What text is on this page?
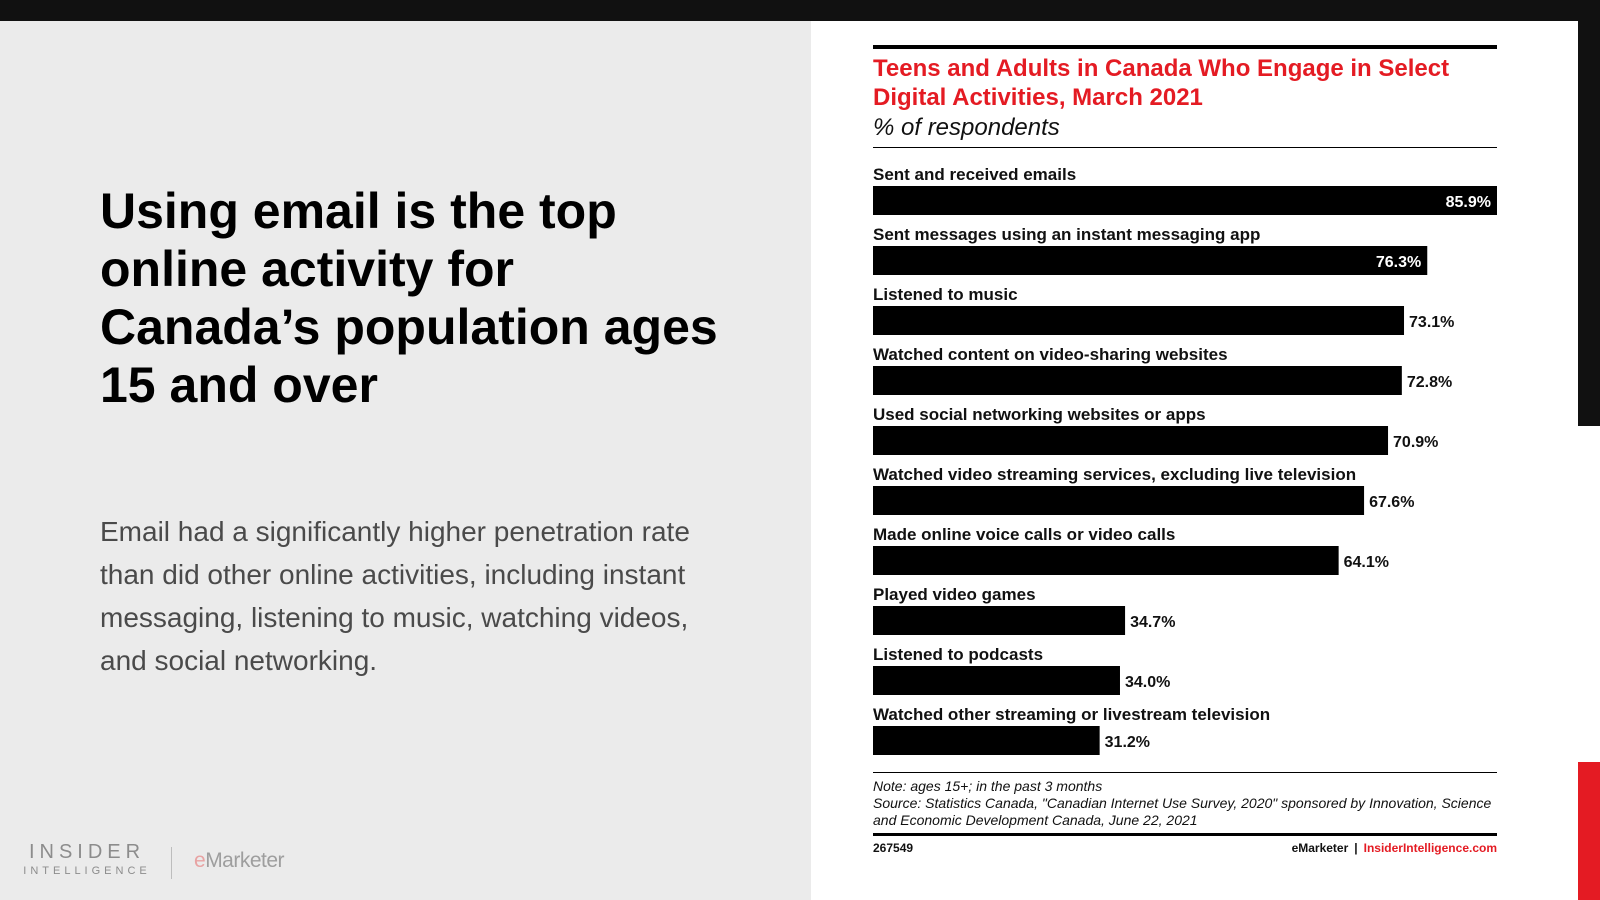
Using email is the top online activity for Canada’s population ages 15 and over

Email had a significantly higher penetration rate than did other online activities, including instant messaging, listening to music, watching videos, and social networking.

INSIDER
INTELLIGENCE eMarketer
Teens and Adults in Canada Who Engage in Select Digital Activities, March 2021
% of respondents
Sent and received emails
85.9%
Sent messages using an instant messaging app
76.3%
Listened to music
73.1%
Watched content on video-sharing websites
72.8%
Used social networking websites or apps
70.9%
Watched video streaming services, excluding live television
67.6%
Made online voice calls or video calls
64.1%
Played video games
34.7%
Listened to podcasts
34.0%
Watched other streaming or livestream television
31.2%

Note: ages 15+; in the past 3 months
Source: Statistics Canada, "Canadian Internet Use Survey, 2020" sponsored by Innovation, Science and Economic Development Canada, June 22, 2021

267549	eMarketer | InsiderIntelligence.com
